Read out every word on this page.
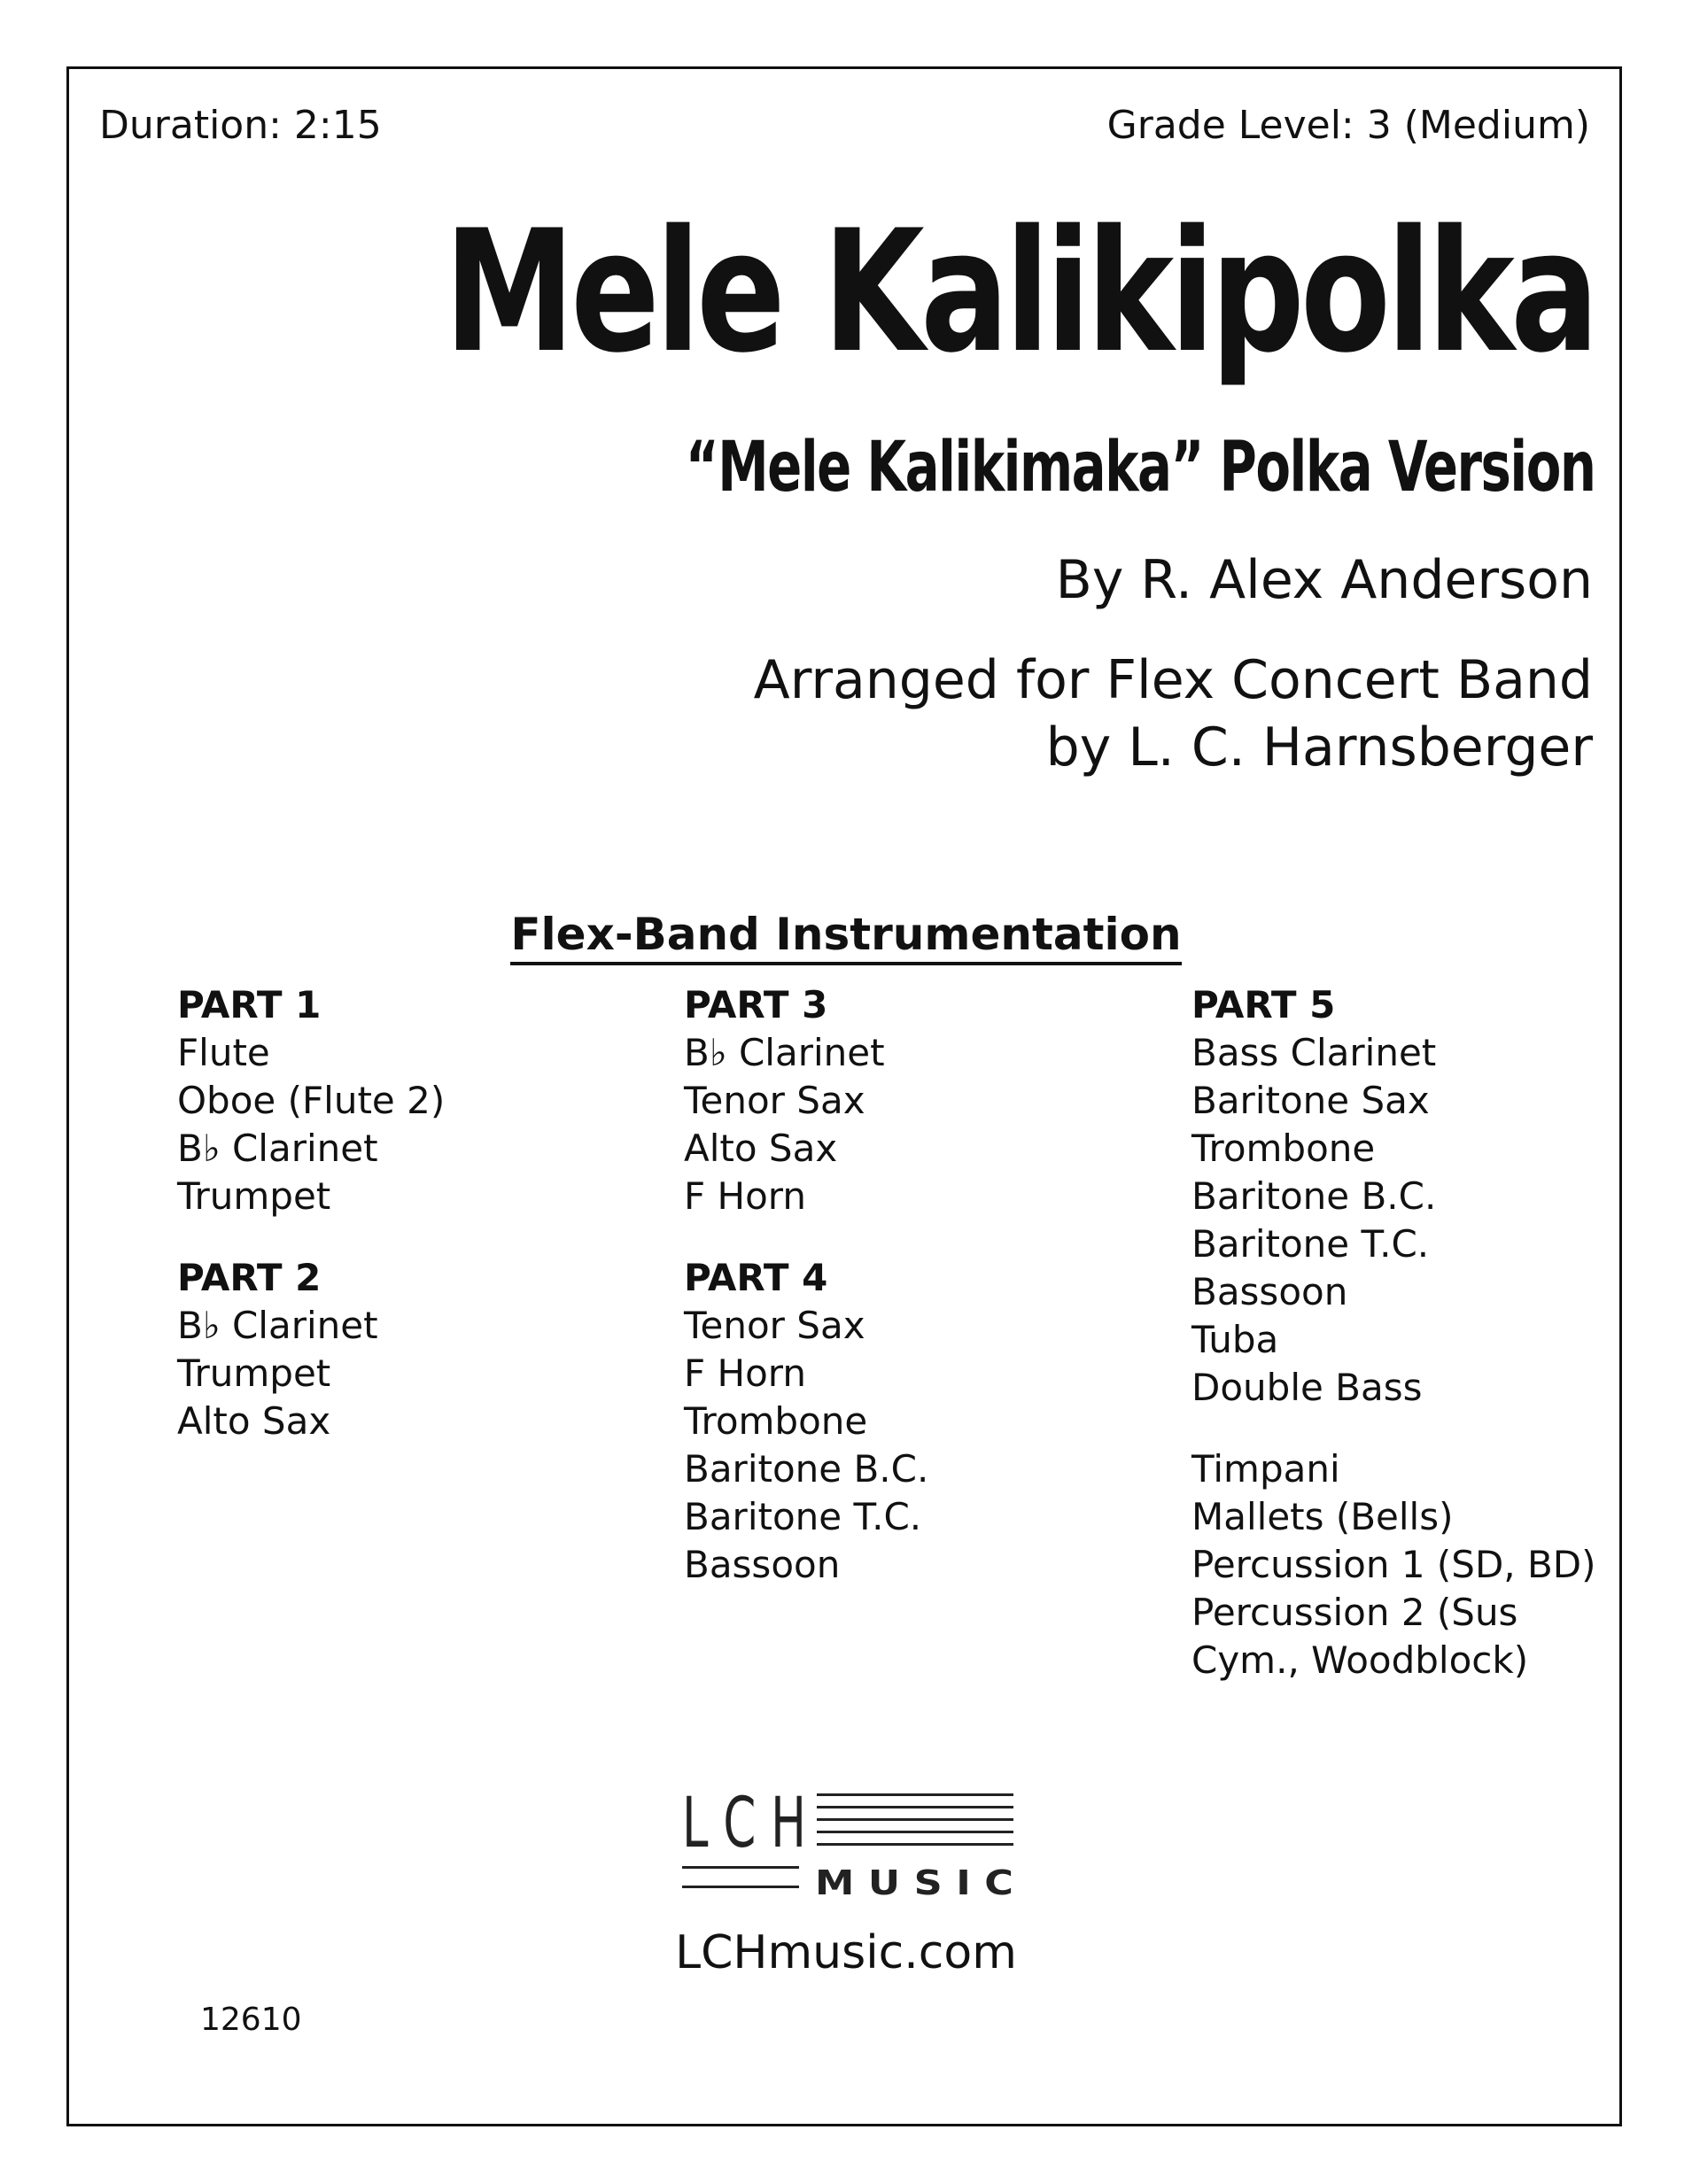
Duration: 2:15	Grade Level: 3 (Medium)
Mele Kalikipolka
“Mele Kalikimaka” Polka Version
By R. Alex Anderson
Arranged for Flex Concert Band
by L. C. Harnsberger
Flex-Band Instrumentation
PART 1
Flute
Oboe (Flute 2)
B♭ Clarinet
Trumpet
PART 2
B♭ Clarinet
Trumpet
Alto Sax
PART 3
B♭ Clarinet
Tenor Sax
Alto Sax
F Horn
PART 4
Tenor Sax
F Horn
Trombone
Baritone B.C.
Baritone T.C.
Bassoon
PART 5
Bass Clarinet
Baritone Sax
Trombone
Baritone B.C.
Baritone T.C.
Bassoon
Tuba
Double Bass
Timpani
Mallets (Bells)
Percussion 1 (SD, BD)
Percussion 2 (Sus
Cym., Woodblock)
L C H
M U S I C
LCHmusic.com
12610
